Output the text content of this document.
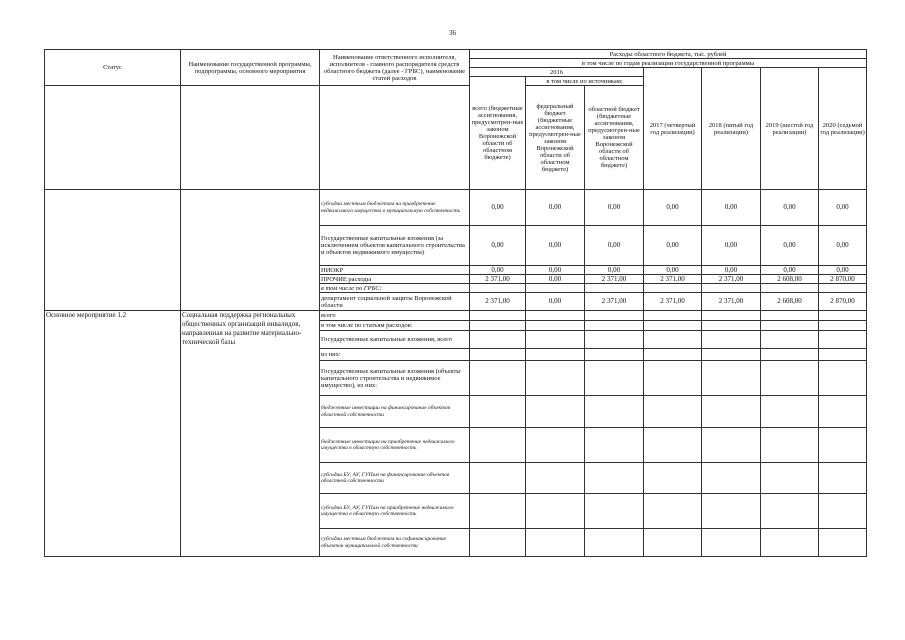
36
Статус	Наименование государственной программы, подпрограммы, основного мероприятия	Наименование ответственного исполнителя, исполнителя - главного распорядителя средств областного бюджета (далее - ГРБС), наименование статей расходов	Расходы областного бюджета, тыс. рублей						
			в том числе по годам реализации государственной программы						
			2016			2017 (четвертый год реализации)	2018 (пятый год реализации)	2019 (шестой год реализации)	2020 (седьмой год реализации)
			всего (бюджетные ассигнования, предусмотрен-ные законом Воронежской области об областном бюджете)	в том числе по источникам:					
				федеральный бюджет (бюджетные ассигнования, предусмотрен-ные законом Воронежской области об областном бюджете)	областной бюджет (бюджетные ассигнования, предусмотрен-ные законом Воронежской области об областном бюджете)				
		субсидии местным бюджетам на приобретение недвижимого имущества в муниципальную собственность	0,00	0,00	0,00	0,00	0,00	0,00	0,00
		Государственные капитальные вложения (за исключением объектов капитального строительства и объектов недвижимого имущества)	0,00	0,00	0,00	0,00	0,00	0,00	0,00
		НИОКР	0,00	0,00	0,00	0,00	0,00	0,00	0,00
		ПРОЧИЕ расходы	2 371,00	0,00	2 371,00	2 371,00	2 371,00	2 608,00	2 870,00
		в том числе по ГРБС:							
		департамент социальной защиты Воронежской области	2 371,00	0,00	2 371,00	2 371,00	2 371,00	2 608,00	2 870,00
Основное мероприятие 1.2	Социальная поддержка региональных общественных организаций инвалидов, направленная на развитие материально-технической базы	всего							
		в том числе по статьям расходов:							
		Государственные капитальные вложения, всего							
		из них:							
		Государственные капитальные вложения (объекты капитального строительства и недвижимое имущество), из них:							
		бюджетные инвестиции на финансирование объектов областной собственности							
		бюджетные инвестиции на приобретение недвижимого имущества в областную собственность							
		субсидии БУ, АУ, ГУПам на финансирование объектов областной собственности							
		субсидии БУ, АУ, ГУПам на приобретение недвижимого имущества в областную собственность							
		субсидии местным бюджетам на софинансирование объектов муниципальной собственности							
